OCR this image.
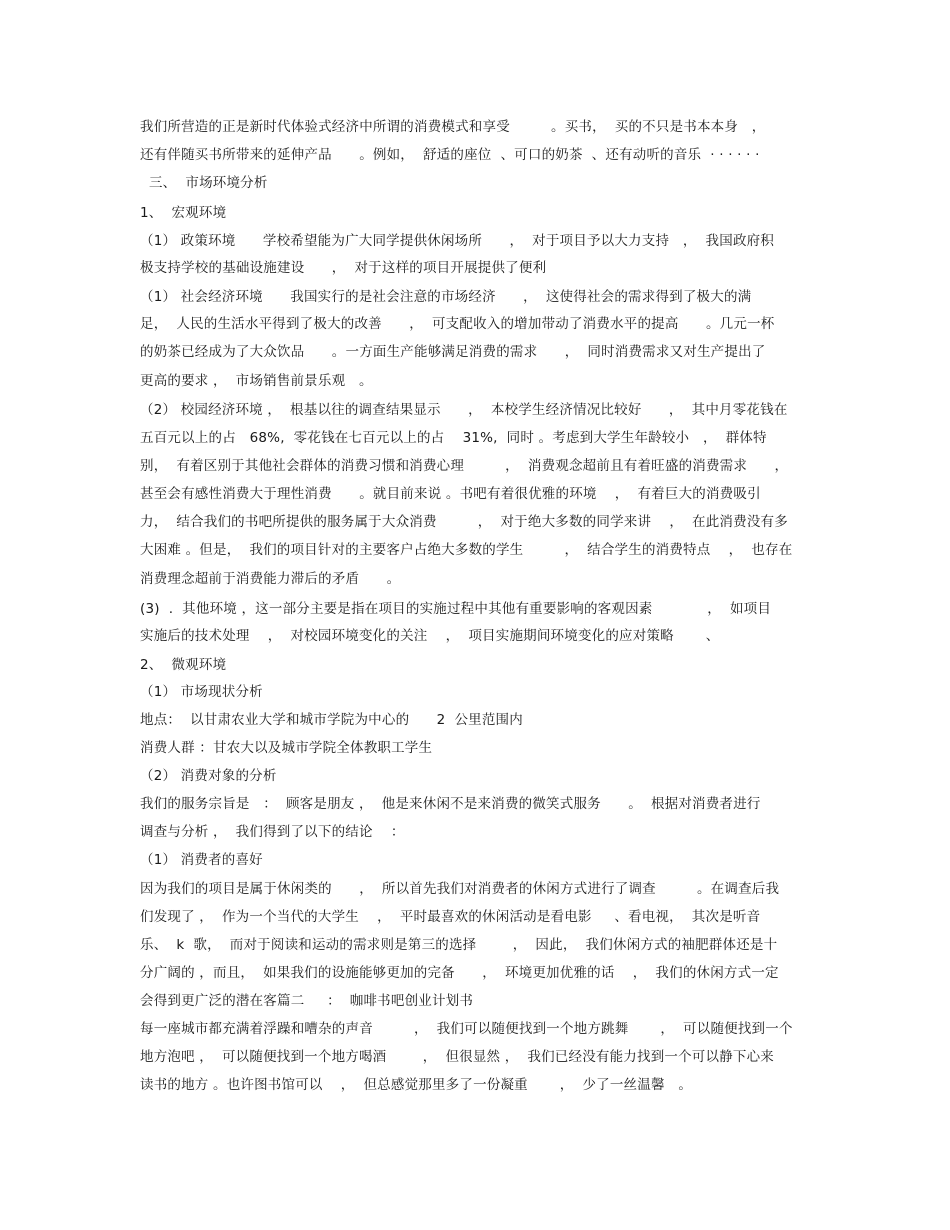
我们所营造的正是新时代体验式经济中所谓的消费模式和享受　　　。买书，  买的不只是书本本身　，
还有伴随买书所带来的延伸产品　　。例如，  舒适的座位  、可口的奶茶  、还有动听的音乐  · · · · · ·
三、  市场环境分析
1、  宏观环境
（1） 政策环境　　学校希望能为广大同学提供休闲场所　　，  对于项目予以大力支持　，  我国政府积
极支持学校的基础设施建设　　，  对于这样的项目开展提供了便利
（1） 社会经济环境　　我国实行的是社会注意的市场经济　　，  这使得社会的需求得到了极大的满
足，  人民的生活水平得到了极大的改善　　，  可支配收入的增加带动了消费水平的提高　　。几元一杯
的奶茶已经成为了大众饮品　　。一方面生产能够满足消费的需求　　，  同时消费需求又对生产提出了
更高的要求 ，  市场销售前景乐观　。
（2） 校园经济环境 ，  根基以往的调查结果显示　　，  本校学生经济情况比较好　　，  其中月零花钱在
五百元以上的占　68%,  零花钱在七百元以上的占　 31%,  同时 。考虑到大学生年龄较小　，  群体特
别，  有着区别于其他社会群体的消费习惯和消费心理　　　，  消费观念超前且有着旺盛的消费需求　　，
甚至会有感性消费大于理性消费　　。就目前来说 。书吧有着很优雅的环境　 ，  有着巨大的消费吸引
力，  结合我们的书吧所提供的服务属于大众消费　　　，  对于绝大多数的同学来讲　 ，  在此消费没有多
大困难 。但是，  我们的项目针对的主要客户占绝大多数的学生　　　，  结合学生的消费特点　 ，  也存在
消费理念超前于消费能力滞后的矛盾　　。
(3)  .  其他环境 ，这一部分主要是指在项目的实施过程中其他有重要影响的客观因素　　　　，  如项目
实施后的技术处理　 ，  对校园环境变化的关注　 ，  项目实施期间环境变化的应对策略　　 、
2、  微观环境
（1） 市场现状分析
地点：  以甘肃农业大学和城市学院为中心的　　2  公里范围内
消费人群 ：甘农大以及城市学院全体教职工学生
（2） 消费对象的分析
我们的服务宗旨是　：  顾客是朋友 ，  他是来休闲不是来消费的微笑式服务　　。  根据对消费者进行
调查与分析 ，  我们得到了以下的结论　 ：
（1） 消费者的喜好
因为我们的项目是属于休闲类的　　，  所以首先我们对消费者的休闲方式进行了调查　　　。在调查后我
们发现了 ，  作为一个当代的大学生　 ，  平时最喜欢的休闲活动是看电影　  、看电视，  其次是听音
乐、  k  歌，  而对于阅读和运动的需求则是第三的选择　　  ，  因此，  我们休闲方式的袖肥群体还是十
分广阔的 ，而且，  如果我们的设施能够更加的完备　　，  环境更加优雅的话　 ，  我们的休闲方式一定
会得到更广泛的潜在客篇二　  ：  咖啡书吧创业计划书
每一座城市都充满着浮躁和嘈杂的声音　　　，  我们可以随便找到一个地方跳舞　　 ，  可以随便找到一个
地方泡吧 ，  可以随便找到一个地方喝酒　　  ，  但很显然 ，  我们已经没有能力找到一个可以静下心来
读书的地方 。也许图书馆可以　 ，  但总感觉那里多了一份凝重　　 ，  少了一丝温馨　。
